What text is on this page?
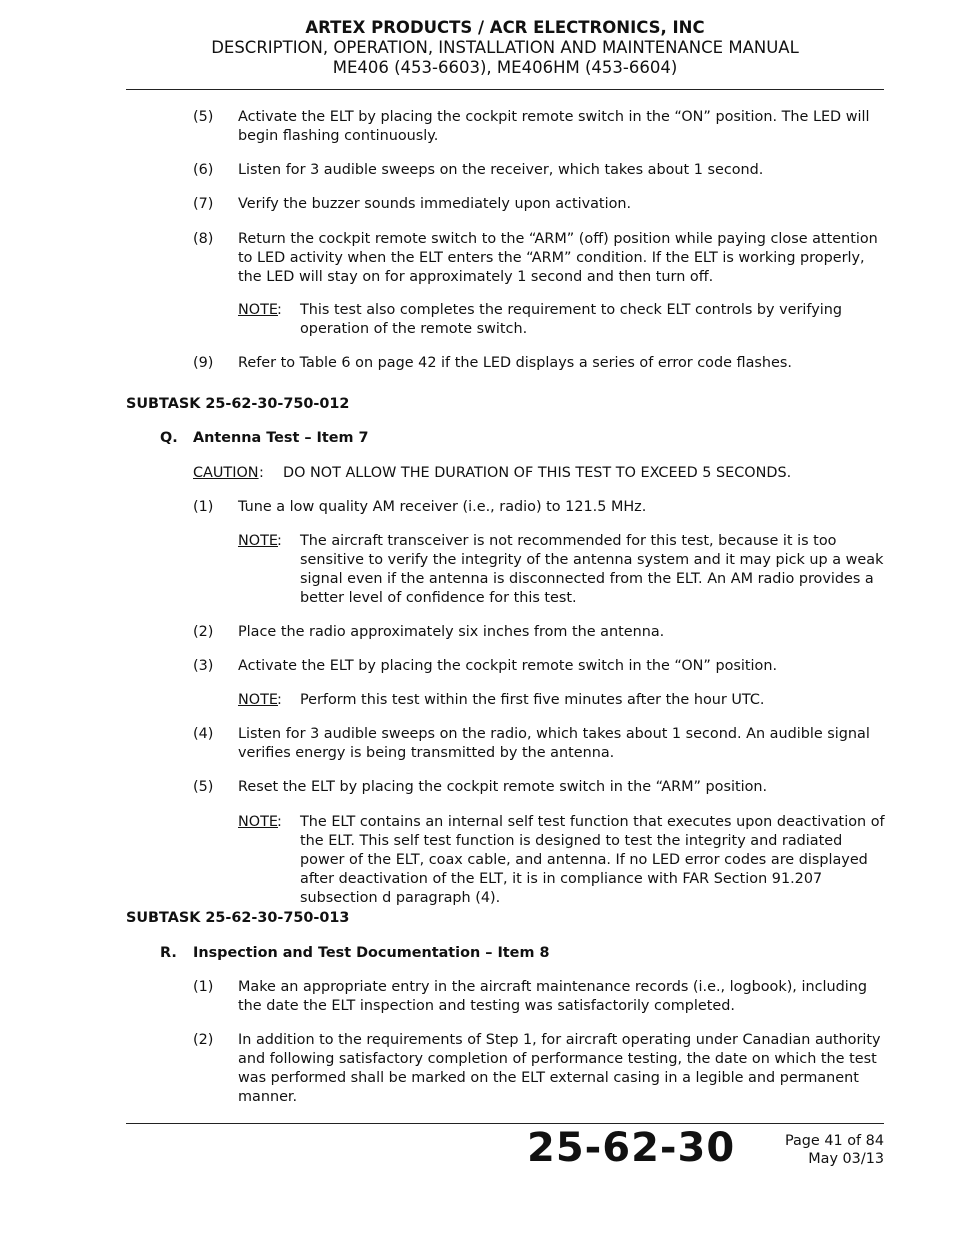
ARTEX PRODUCTS / ACR ELECTRONICS, INC
DESCRIPTION, OPERATION, INSTALLATION AND MAINTENANCE MANUAL
ME406 (453-6603), ME406HM (453-6604)
(5) Activate the ELT by placing the cockpit remote switch in the “ON” position. The LED will begin flashing continuously.
(6) Listen for 3 audible sweeps on the receiver, which takes about 1 second.
(7) Verify the buzzer sounds immediately upon activation.
(8) Return the cockpit remote switch to the “ARM” (off) position while paying close attention to LED activity when the ELT enters the “ARM” condition. If the ELT is working properly, the LED will stay on for approximately 1 second and then turn off.
NOTE : This test also completes the requirement to check ELT controls by verifying operation of the remote switch.
(9) Refer to Table 6 on page 42 if the LED displays a series of error code flashes.
SUBTASK 25-62-30-750-012
Q. Antenna Test – Item 7
CAUTION : DO NOT ALLOW THE DURATION OF THIS TEST TO EXCEED 5 SECONDS.
(1) Tune a low quality AM receiver (i.e., radio) to 121.5 MHz.
NOTE : The aircraft transceiver is not recommended for this test, because it is too sensitive to verify the integrity of the antenna system and it may pick up a weak signal even if the antenna is disconnected from the ELT. An AM radio provides a better level of confidence for this test.
(2) Place the radio approximately six inches from the antenna.
(3) Activate the ELT by placing the cockpit remote switch in the “ON” position.
NOTE : Perform this test within the first five minutes after the hour UTC.
(4) Listen for 3 audible sweeps on the radio, which takes about 1 second. An audible signal verifies energy is being transmitted by the antenna.
(5) Reset the ELT by placing the cockpit remote switch in the “ARM” position.
NOTE : The ELT contains an internal self test function that executes upon deactivation of the ELT. This self test function is designed to test the integrity and radiated power of the ELT, coax cable, and antenna. If no LED error codes are displayed after deactivation of the ELT, it is in compliance with FAR Section 91.207 subsection d paragraph (4).
SUBTASK 25-62-30-750-013
R. Inspection and Test Documentation – Item 8
(1) Make an appropriate entry in the aircraft maintenance records (i.e., logbook), including the date the ELT inspection and testing was satisfactorily completed.
(2) In addition to the requirements of Step 1, for aircraft operating under Canadian authority and following satisfactory completion of performance testing, the date on which the test was performed shall be marked on the ELT external casing in a legible and permanent manner.
25-62-30	Page 41 of 84
May 03/13
